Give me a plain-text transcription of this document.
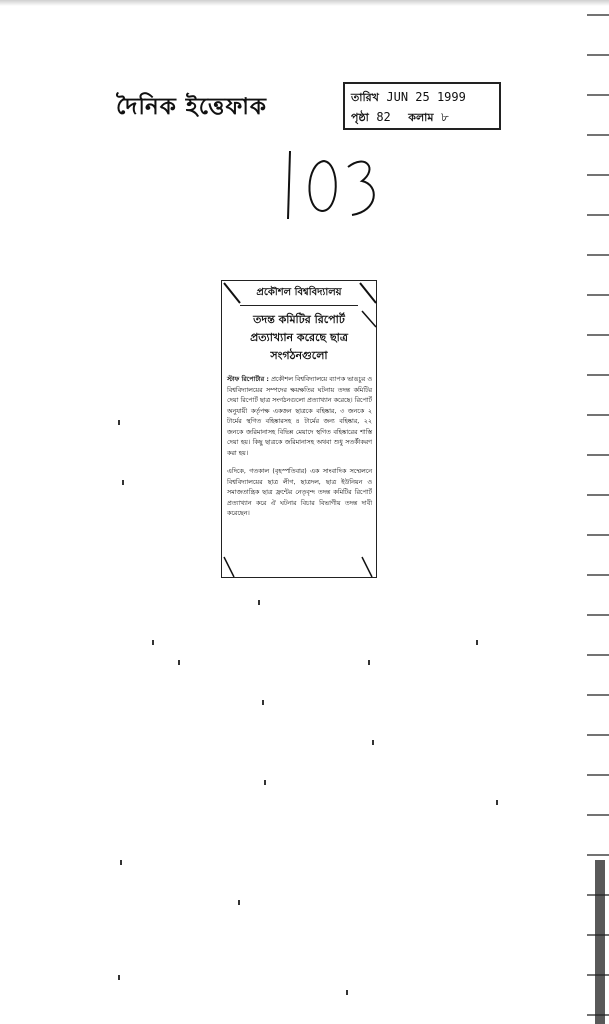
দৈনিক ইত্তেফাক	তারিখ JUN 25 1999
পৃষ্ঠা 82 কলাম ৮
প্রকৌশল বিশ্ববিদ্যালয়
তদন্ত কমিটির রিপোর্ট
প্রত্যাখ্যান করেছে ছাত্র
সংগঠনগুলো

স্টাফ রিপোর্টার : প্রকৌশল বিশ্ববিদ্যালয়ে ব্যাপক ভাঙচুর ও বিশ্ববিদ্যালয়ের সম্পদের ক্ষয়ক্ষতির ঘটনায় তদন্ত কমিটির দেয়া রিপোর্ট ছাত্র সংগঠনগুলো প্রত্যাখ্যান করেছে। রিপোর্ট অনুযায়ী কর্তৃপক্ষ একজন ছাত্রকে বহিষ্কার, ৩ জনকে ২ টার্মের স্থগিত বহিষ্কারসহ ৪ টার্মের জন্য বহিষ্কার, ২২ জনকে জরিমানাসহ বিভিন্ন মেয়াদে স্থগিত বহিষ্কারের শাস্তি দেয়া হয়। কিছু ছাত্রকে জরিমানাসহ অথবা শুধু সতর্কীকরণ করা হয়।

এদিকে, গতকাল (বৃহস্পতিবার) এক সাংবাদিক সম্মেলনে বিশ্ববিদ্যালয়ের ছাত্র লীগ, ছাত্রদল, ছাত্র ইউনিয়ন ও সমাজতান্ত্রিক ছাত্র ফ্রন্টের নেতৃবৃন্দ তদন্ত কমিটির রিপোর্ট প্রত্যাখ্যান করে ঐ ঘটনার বিচার বিভাগীয় তদন্ত দাবী করেছেন।
